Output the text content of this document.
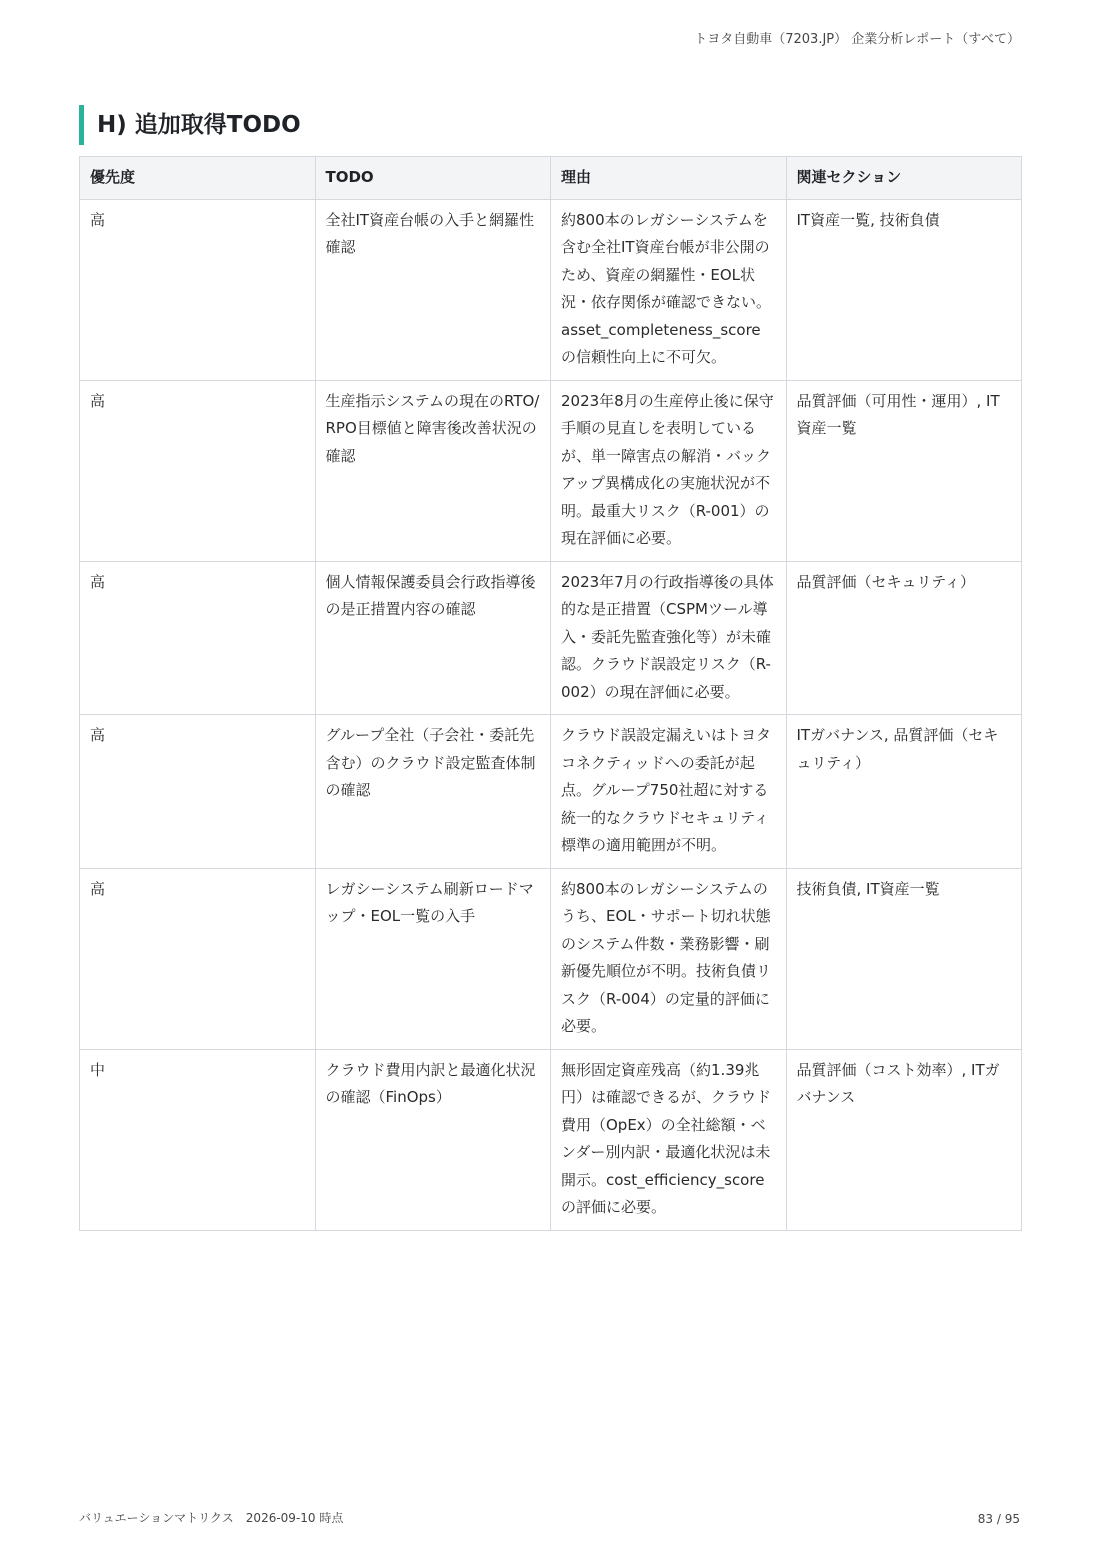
トヨタ自動車（7203.JP） 企業分析レポート（すべて）
H) 追加取得TODO
優先度	TODO	理由	関連セクション
高	全社IT資産台帳の入手と網羅性確認	約800本のレガシーシステムを含む全社IT資産台帳が非公開のため、資産の網羅性・EOL状況・依存関係が確認できない。asset_completeness_scoreの信頼性向上に不可欠。	IT資産一覧, 技術負債
高	生産指示システムの現在のRTO/RPO目標値と障害後改善状況の確認	2023年8月の生産停止後に保守手順の見直しを表明しているが、単一障害点の解消・バックアップ異構成化の実施状況が不明。最重大リスク（R-001）の現在評価に必要。	品質評価（可用性・運用）, IT資産一覧
高	個人情報保護委員会行政指導後の是正措置内容の確認	2023年7月の行政指導後の具体的な是正措置（CSPMツール導入・委託先監査強化等）が未確認。クラウド誤設定リスク（R-002）の現在評価に必要。	品質評価（セキュリティ）
高	グループ全社（子会社・委託先含む）のクラウド設定監査体制の確認	クラウド誤設定漏えいはトヨタコネクティッドへの委託が起点。グループ750社超に対する統一的なクラウドセキュリティ標準の適用範囲が不明。	ITガバナンス, 品質評価（セキュリティ）
高	レガシーシステム刷新ロードマップ・EOL一覧の入手	約800本のレガシーシステムのうち、EOL・サポート切れ状態のシステム件数・業務影響・刷新優先順位が不明。技術負債リスク（R-004）の定量的評価に必要。	技術負債, IT資産一覧
中	クラウド費用内訳と最適化状況の確認（FinOps）	無形固定資産残高（約1.39兆円）は確認できるが、クラウド費用（OpEx）の全社総額・ベンダー別内訳・最適化状況は未開示。cost_efficiency_scoreの評価に必要。	品質評価（コスト効率）, ITガバナンス
バリュエーションマトリクス　2026-09-10 時点	83 / 95
